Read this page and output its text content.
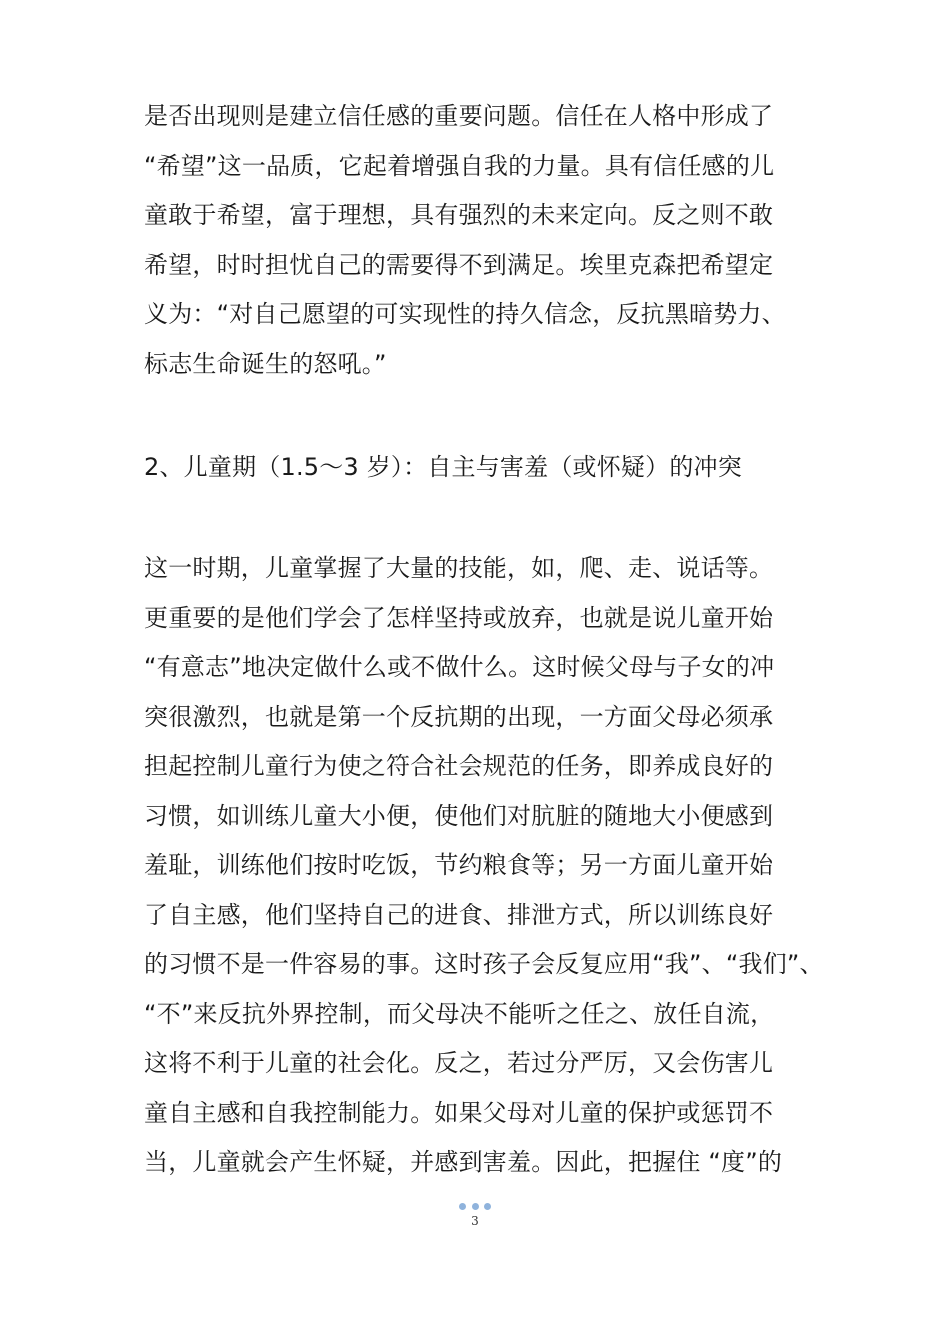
是否出现则是建立信任感的重要问题。信任在人格中形成了
“希望”这一品质，它起着增强自我的力量。具有信任感的儿
童敢于希望，富于理想，具有强烈的未来定向。反之则不敢
希望，时时担忧自己的需要得不到满足。埃里克森把希望定
义为：“对自己愿望的可实现性的持久信念，反抗黑暗势力、
标志生命诞生的怒吼。”
2、儿童期（1.5～3 岁）：自主与害羞（或怀疑）的冲突
这一时期，儿童掌握了大量的技能，如，爬、走、说话等。
更重要的是他们学会了怎样坚持或放弃，也就是说儿童开始
“有意志”地决定做什么或不做什么。这时候父母与子女的冲
突很激烈，也就是第一个反抗期的出现，一方面父母必须承
担起控制儿童行为使之符合社会规范的任务，即养成良好的
习惯，如训练儿童大小便，使他们对肮脏的随地大小便感到
羞耻，训练他们按时吃饭，节约粮食等；另一方面儿童开始
了自主感，他们坚持自己的进食、排泄方式，所以训练良好
的习惯不是一件容易的事。这时孩子会反复应用“我”、“我们”、
“不”来反抗外界控制，而父母决不能听之任之、放任自流，
这将不利于儿童的社会化。反之，若过分严厉，又会伤害儿
童自主感和自我控制能力。如果父母对儿童的保护或惩罚不
当，儿童就会产生怀疑，并感到害羞。因此，把握住 “度”的
3
